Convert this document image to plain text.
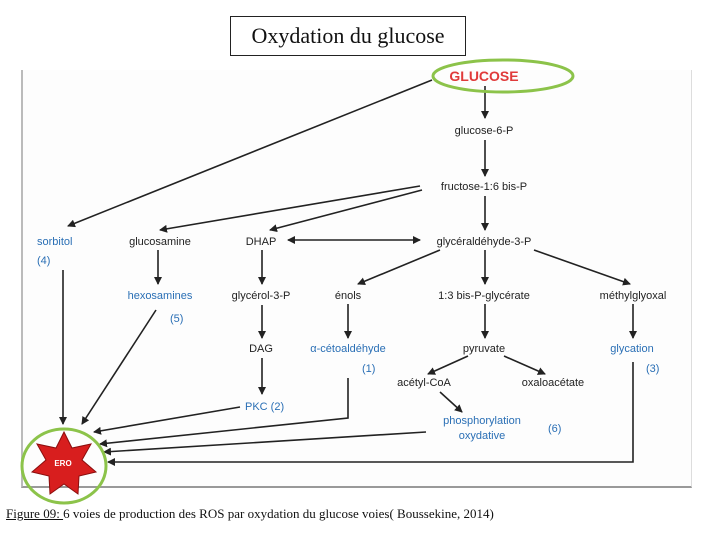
Oxydation du glucose
GLUCOSE
glucose-6-P
fructose-1:6 bis-P
sorbitol
(4)
glucosamine	DHAP	glycéraldéhyde-3-P
hexosamines
(5)
glycérol-3-P	énols	1:3 bis-P-glycérate	méthylglyoxal
DAG	α-cétoaldéhyde
(1)
pyruvate	glycation
(3)
acétyl-CoA	oxaloacétate
PKC (2)
phosphorylation
oxydative
(6)
ERO
Figure 09: 6 voies de production des ROS par oxydation du glucose voies( Boussekine, 2014)
